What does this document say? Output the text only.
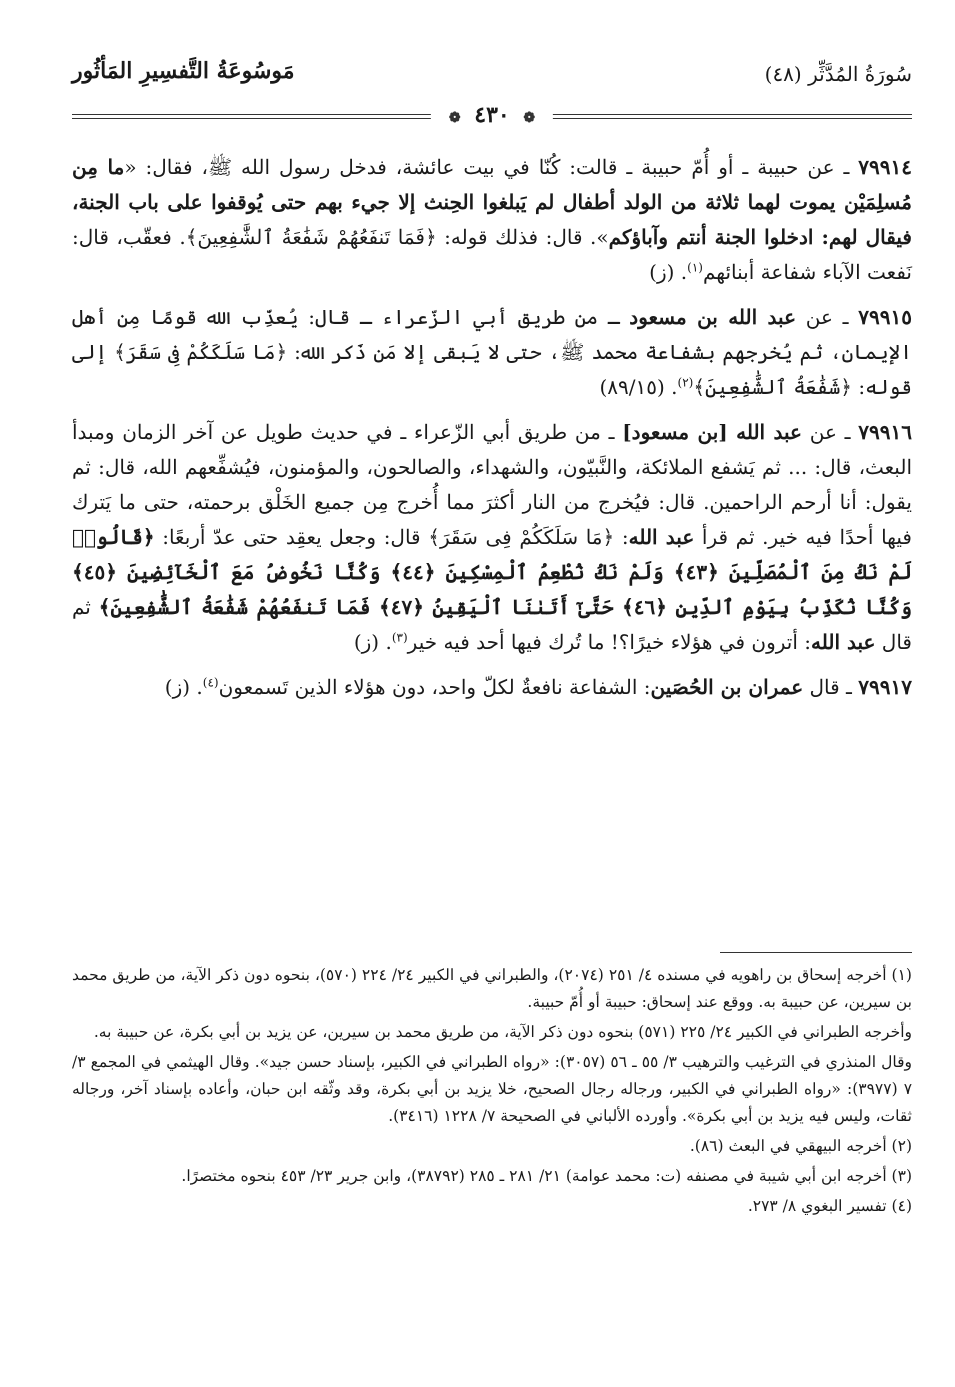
سُورَةُ المُدَّثِّر (٤٨)
مَوسُوعَةُ التَّفسِيرِ المَأثُور
❁ ٤٣٠ ❁

٧٩٩١٤ ـ عن حبيبة ـ أو أُمّ حبيبة ـ قالت: كُنّا في بيت عائشة، فدخل رسول الله ﷺ، فقال: «ما مِن مُسلِمَيْن يموت لهما ثلاثة من الولد أطفال لم يَبلغوا الحِنث إلا جيء بهم حتى يُوقفوا على باب الجنة، فيقال لهم: ادخلوا الجنة أنتم وآباؤكم». قال: فذلك قوله: ﴿فَمَا تَنفَعُهُمْ شَفَٰعَةُ ٱلشَّٰفِعِينَ﴾. فعقّب، قال: نَفعت الآباء شفاعة أبنائهم$^{(١)}$. (ز)

٧٩٩١٥ ـ عن عبد الله بن مسعود ـ من طريق أبي الزّعراء ـ قال: يُعذِّب الله قومًا مِن أهل الإيمان، ثم يُخرجهم بشفاعة محمد ﷺ، حتى لا يَبقى إلا مَن ذَكر الله: ﴿مَا سَلَكَكُمْ فِى سَقَرَ﴾ إلى قوله: ﴿شَفَٰعَةُ ٱلشَّٰفِعِينَ﴾$^{(٢)}$. (٨٩/١٥)

٧٩٩١٦ ـ عن عبد الله [بن مسعود] ـ من طريق أبي الزّعراء ـ في حديث طويل عن آخر الزمان ومبدأ البعث، قال: ... ثم يَشفع الملائكة، والنَّبيّون، والشهداء، والصالحون، والمؤمنون، فيُشفِّعهم الله، قال: ثم يقول: أنا أرحم الراحمين. قال: فيُخرج من النار أكثرَ مما أُخرج مِن جميع الخَلْق برحمته، حتى ما يَترك فيها أحدًا فيه خير. ثم قرأ عبد الله: ﴿مَا سَلَكَكُمْ فِى سَقَرَ﴾ قال: وجعل يعقِد حتى عدّ أربعًا: ﴿قَالُوا۟ لَمْ نَكُ مِنَ ٱلْمُصَلِّينَ ﴿٤٣﴾ وَلَمْ نَكُ نُطْعِمُ ٱلْمِسْكِينَ ﴿٤٤﴾ وَكُنَّا نَخُوضُ مَعَ ٱلْخَآئِضِينَ ﴿٤٥﴾ وَكُنَّا نُكَذِّبُ بِيَوْمِ ٱلدِّينِ ﴿٤٦﴾ حَتَّىٰٓ أَتَىٰنَا ٱلْيَقِينُ ﴿٤٧﴾ فَمَا تَنفَعُهُمْ شَفَٰعَةُ ٱلشَّٰفِعِينَ﴾ ثم قال عبد الله: أترون في هؤلاء خيرًا؟! ما تُرك فيها أحد فيه خير$^{(٣)}$. (ز)

٧٩٩١٧ ـ قال عمران بن الحُصَين: الشفاعة نافعةٌ لكلّ واحد، دون هؤلاء الذين تَسمعون$^{(٤)}$. (ز)

(١) أخرجه إسحاق بن راهويه في مسنده ٤/ ٢٥١ (٢٠٧٤)، والطبراني في الكبير ٢٤/ ٢٢٤ (٥٧٠)، بنحوه دون ذكر الآية، من طريق محمد بن سيرين، عن حبيبة به. ووقع عند إسحاق: حبيبة أو أُمّ حبيبة.

وأخرجه الطبراني في الكبير ٢٤/ ٢٢٥ (٥٧١) بنحوه دون ذكر الآية، من طريق محمد بن سيرين، عن يزيد بن أبي بكرة، عن حبيبة به.

وقال المنذري في الترغيب والترهيب ٣/ ٥٥ ـ ٥٦ (٣٠٥٧): «رواه الطبراني في الكبير، بإسناد حسن جيد». وقال الهيثمي في المجمع ٣/ ٧ (٣٩٧٧): «رواه الطبراني في الكبير، ورجاله رجال الصحيح، خلا يزيد بن أبي بكرة، وقد وثّقه ابن حبان، وأعاده بإسناد آخر، ورجاله ثقات، وليس فيه يزيد بن أبي بكرة». وأورده الألباني في الصحيحة ٧/ ١٢٢٨ (٣٤١٦).

(٢) أخرجه البيهقي في البعث (٨٦).

(٣) أخرجه ابن أبي شيبة في مصنفه (ت: محمد عوامة) ٢١/ ٢٨١ ـ ٢٨٥ (٣٨٧٩٢)، وابن جرير ٢٣/ ٤٥٣ بنحوه مختصرًا.

(٤) تفسير البغوي ٨/ ٢٧٣.
